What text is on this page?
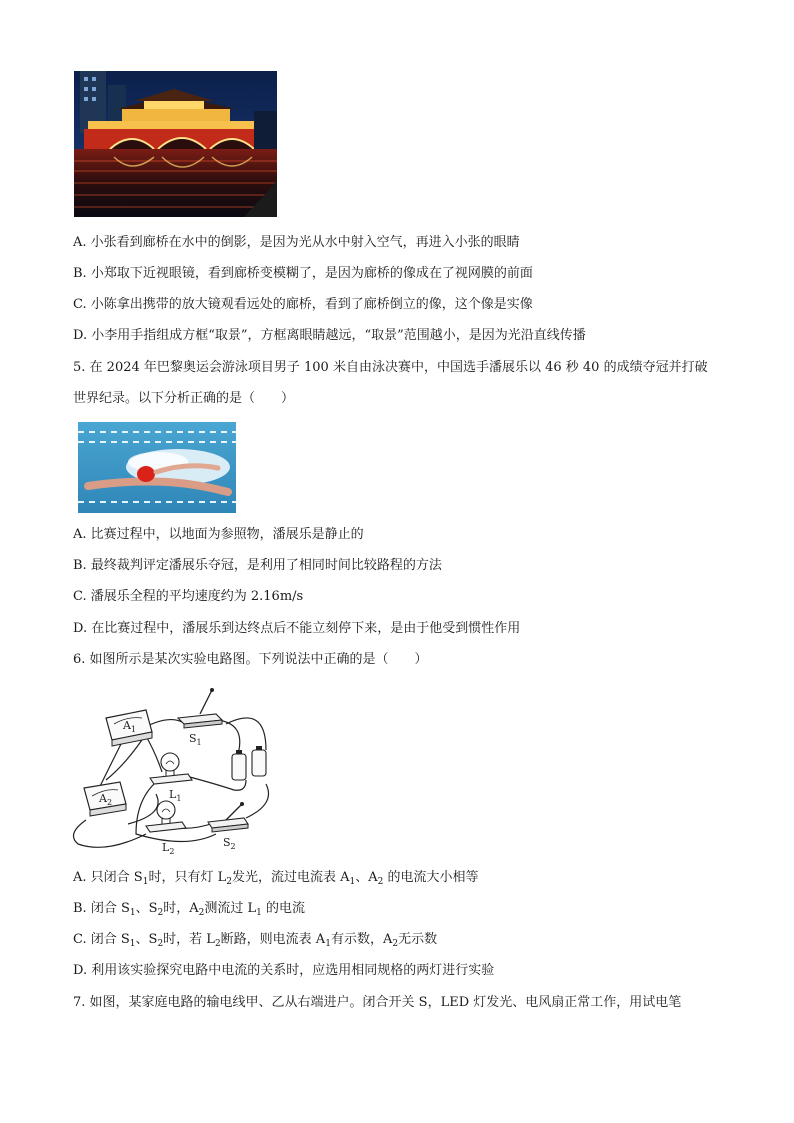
A. 小张看到廊桥在水中的倒影，是因为光从水中射入空气，再进入小张的眼睛
B. 小郑取下近视眼镜，看到廊桥变模糊了，是因为廊桥的像成在了视网膜的前面
C. 小陈拿出携带的放大镜观看远处的廊桥，看到了廊桥倒立的像，这个像是实像
D. 小李用手指组成方框“取景”，方框离眼睛越远，“取景”范围越小，是因为光沿直线传播
5. 在 2024 年巴黎奥运会游泳项目男子 100 米自由泳决赛中，中国选手潘展乐以 46 秒 40 的成绩夺冠并打破
世界纪录。以下分析正确的是（　　）
A. 比赛过程中，以地面为参照物，潘展乐是静止的
B. 最终裁判评定潘展乐夺冠，是利用了相同时间比较路程的方法
C. 潘展乐全程的平均速度约为 2.16m/s
D. 在比赛过程中，潘展乐到达终点后不能立刻停下来，是由于他受到惯性作用
6. 如图所示是某次实验电路图。下列说法中正确的是（　　）
$A_1$
$S_1$
$L_1$
$A_2$
$L_2$
$S_2$
A. 只闭合 $S_1$时，只有灯 $L_2$发光，流过电流表 $A_1$、$A_2$ 的电流大小相等
B. 闭合 $S_1$、$S_2$时，$A_2$测流过 $L_1$ 的电流
C. 闭合 $S_1$、$S_2$时，若 $L_2$断路，则电流表 $A_1$有示数，$A_2$无示数
D. 利用该实验探究电路中电流的关系时，应选用相同规格的两灯进行实验
7. 如图，某家庭电路的输电线甲、乙从右端进户。闭合开关 S，LED 灯发光、电风扇正常工作，用试电笔
